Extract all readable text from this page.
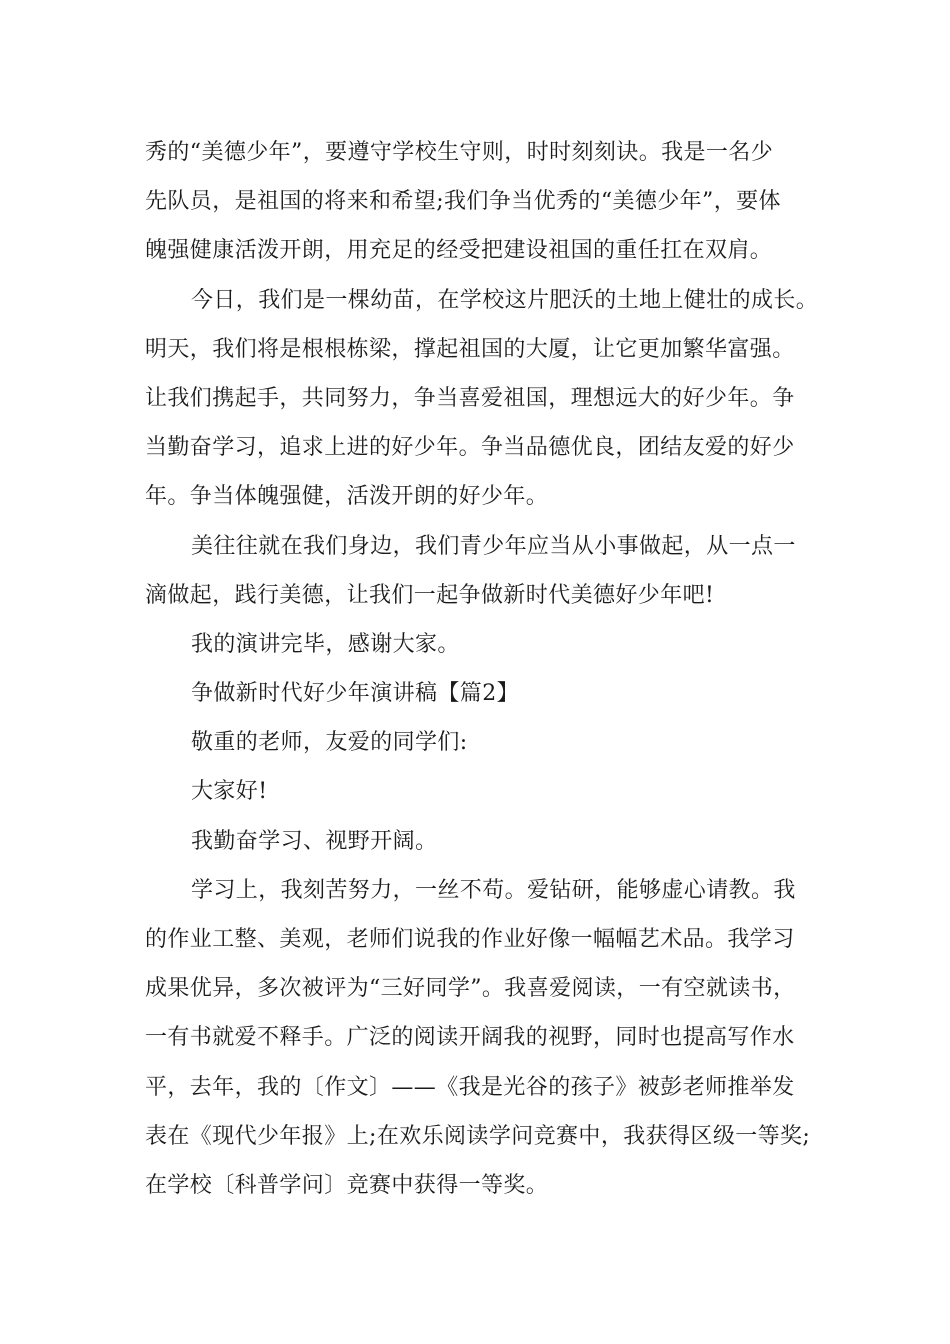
秀的“美德少年”，要遵守学校生守则，时时刻刻诀。我是一名少
先队员，是祖国的将来和希望;我们争当优秀的“美德少年”，要体
魄强健康活泼开朗，用充足的经受把建设祖国的重任扛在双肩。
今日，我们是一棵幼苗，在学校这片肥沃的土地上健壮的成长。
明天，我们将是根根栋梁，撑起祖国的大厦，让它更加繁华富强。
让我们携起手，共同努力，争当喜爱祖国，理想远大的好少年。争
当勤奋学习，追求上进的好少年。争当品德优良，团结友爱的好少
年。争当体魄强健，活泼开朗的好少年。
美往往就在我们身边，我们青少年应当从小事做起，从一点一
滴做起，践行美德，让我们一起争做新时代美德好少年吧!
我的演讲完毕，感谢大家。
争做新时代好少年演讲稿【篇2】
敬重的老师，友爱的同学们:
大家好!
我勤奋学习、视野开阔。
学习上，我刻苦努力，一丝不苟。爱钻研，能够虚心请教。我
的作业工整、美观，老师们说我的作业好像一幅幅艺术品。我学习
成果优异，多次被评为“三好同学”。我喜爱阅读，一有空就读书，
一有书就爱不释手。广泛的阅读开阔我的视野，同时也提高写作水
平，去年，我的〔作文〕——《我是光谷的孩子》被彭老师推举发
表在《现代少年报》上;在欢乐阅读学问竞赛中，我获得区级一等奖;
在学校〔科普学问〕竞赛中获得一等奖。
